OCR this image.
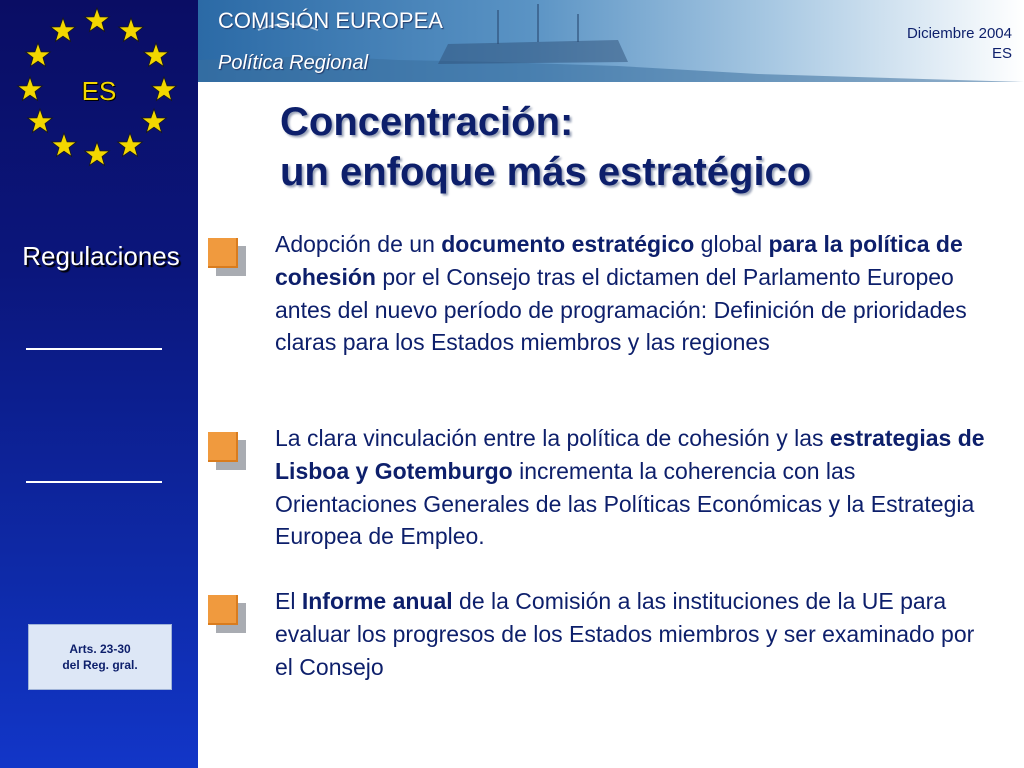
ES
Regulaciones
Arts. 23-30
del Reg. gral.
COMISIÓN EUROPEA
Política Regional
Diciembre 2004
ES
Concentración:
un enfoque más estratégico
Adopción de un documento estratégico global para la política de cohesión por el Consejo tras el dictamen del Parlamento Europeo antes del nuevo período de programación: Definición de prioridades claras para los Estados miembros y las regiones
La clara vinculación entre la política de cohesión y las estrategias de Lisboa y Gotemburgo incrementa la coherencia con las Orientaciones Generales de las Políticas Económicas y la Estrategia Europea de Empleo.
El Informe anual de la Comisión a las instituciones de la UE para evaluar los progresos de los Estados miembros y ser examinado por el Consejo
